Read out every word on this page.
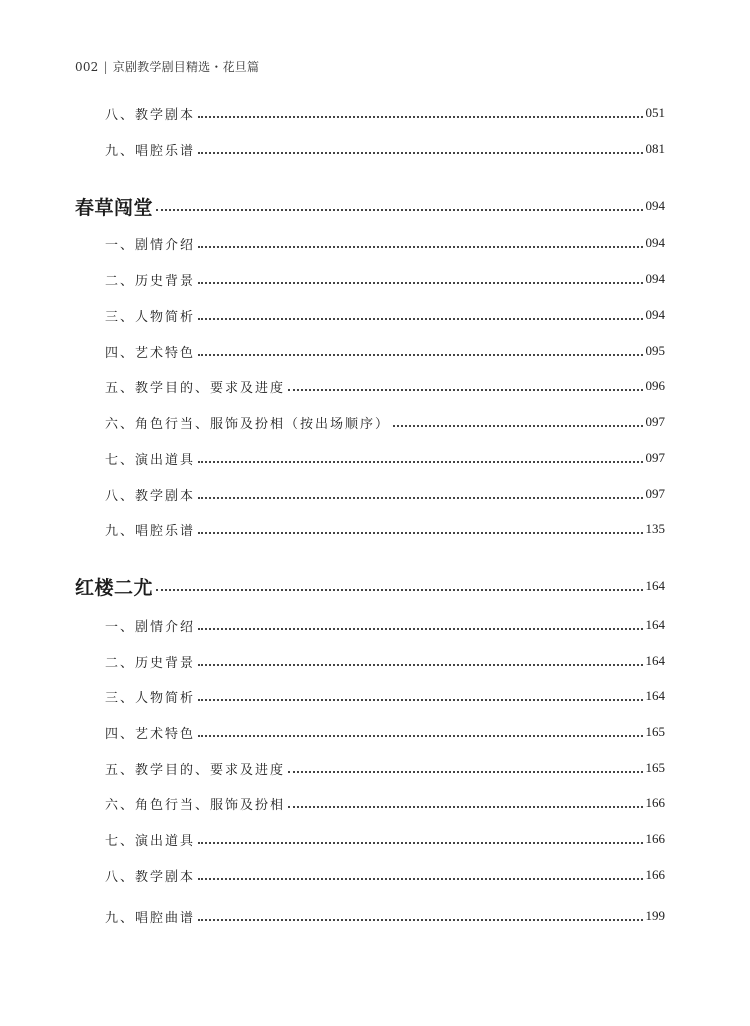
002 | 京剧教学剧目精选・花旦篇
八、教学剧本	051
九、唱腔乐谱	081
春草闯堂	094
一、剧情介绍	094
二、历史背景	094
三、人物简析	094
四、艺术特色	095
五、教学目的、要求及进度	096
六、角色行当、服饰及扮相（按出场顺序）	097
七、演出道具	097
八、教学剧本	097
九、唱腔乐谱	135
红楼二尤	164
一、剧情介绍	164
二、历史背景	164
三、人物简析	164
四、艺术特色	165
五、教学目的、要求及进度	165
六、角色行当、服饰及扮相	166
七、演出道具	166
八、教学剧本	166
九、唱腔曲谱	199
